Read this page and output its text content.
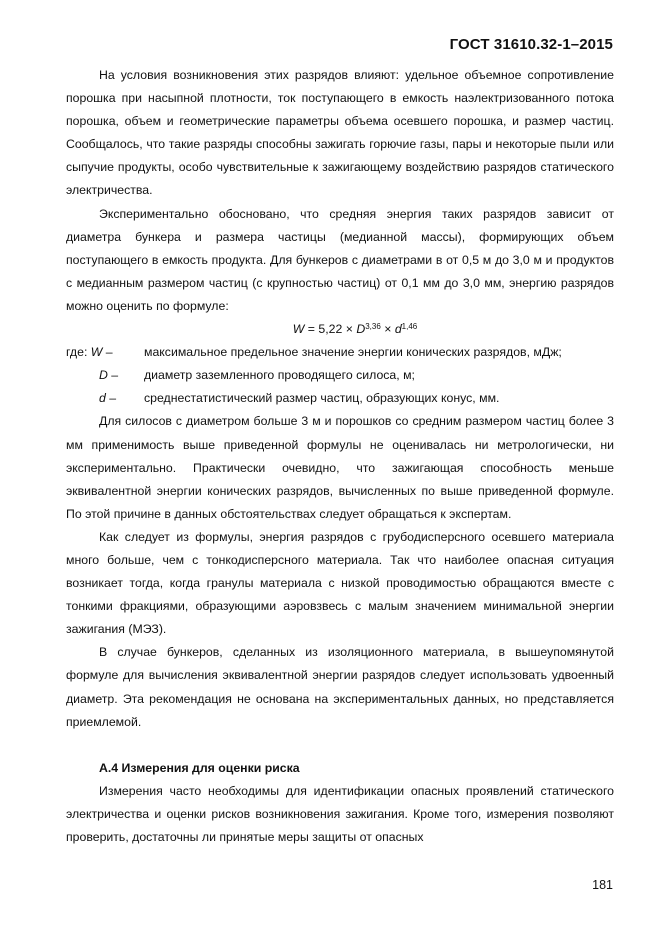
ГОСТ 31610.32-1–2015

На условия возникновения этих разрядов влияют: удельное объемное сопротивление порошка при насыпной плотности, ток поступающего в емкость наэлектризованного потока порошка, объем и геометрические параметры объема осевшего порошка, и размер частиц. Сообщалось, что такие разряды способны зажигать горючие газы, пары и некоторые пыли или сыпучие продукты, особо чувствительные к зажигающему воздействию разрядов статического электричества.

Экспериментально обосновано, что средняя энергия таких разрядов зависит от диаметра бункера и размера частицы (медианной массы), формирующих объем поступающего в емкость продукта. Для бункеров с диаметрами в от 0,5 м до 3,0 м и продуктов с медианным размером частиц (с крупностью частиц) от 0,1 мм до 3,0 мм, энергию разрядов можно оценить по формуле:

$W = 5,22 \times D^{3,36} \times d^{1,46}$

где: W –	максимальное предельное значение энергии конических разрядов, мДж;
D –	диаметр заземленного проводящего силоса, м;
d –	среднестатистический размер частиц, образующих конус, мм.

Для силосов с диаметром больше 3 м и порошков со средним размером частиц более 3 мм применимость выше приведенной формулы не оценивалась ни метрологически, ни экспериментально. Практически очевидно, что зажигающая способность меньше эквивалентной энергии конических разрядов, вычисленных по выше приведенной формуле. По этой причине в данных обстоятельствах следует обращаться к экспертам.

Как следует из формулы, энергия разрядов с грубодисперсного осевшего материала много больше, чем с тонкодисперсного материала. Так что наиболее опасная ситуация возникает тогда, когда гранулы материала с низкой проводимостью обращаются вместе с тонкими фракциями, образующими аэровзвесь с малым значением минимальной энергии зажигания (МЭЗ).

В случае бункеров, сделанных из изоляционного материала, в вышеупомянутой формуле для вычисления эквивалентной энергии разрядов следует использовать удвоенный диаметр. Эта рекомендация не основана на экспериментальных данных, но представляется приемлемой.

А.4 Измерения для оценки риска

Измерения часто необходимы для идентификации опасных проявлений статического электричества и оценки рисков возникновения зажигания. Кроме того, измерения позволяют проверить, достаточны ли принятые меры защиты от опасных

181
